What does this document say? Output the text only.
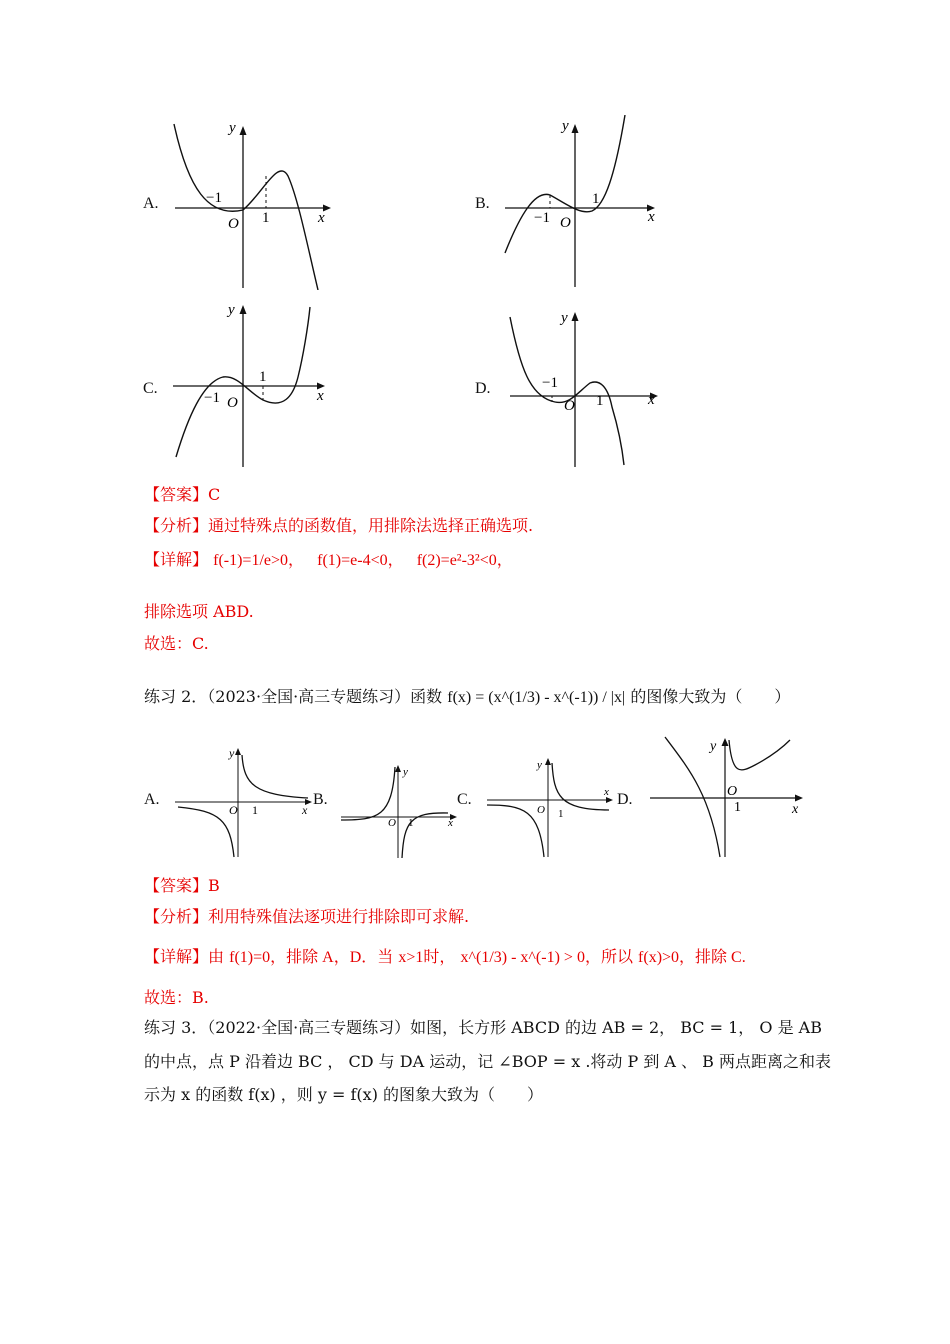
A.
y
x
O
−1
1
B.
y
x
O
−1
1
C.
y
x
O
−1
1
D.
y
x
O
−1
1
【答案】C
【分析】通过特殊点的函数值，用排除法选择正确选项.
【详解】 f(-1)=1/e>0， f(1)=e-4<0， f(2)=e²-3²<0，
排除选项 ABD.
故选：C.
练习 2．（2023·全国·高三专题练习）函数 f(x) = (x^(1/3) - x^(-1)) / |x| 的图像大致为（　　）
A.
y
x
O 1
B.
y
x
O 1
C.
y
x
O 1
D.
y
x
O
1
【答案】B
【分析】利用特殊值法逐项进行排除即可求解.
【详解】由 f(1)=0，排除 A，D．当 x>1时， x^(1/3) - x^(-1) > 0，所以 f(x)>0，排除 C.
故选：B.
练习 3．（2022·全国·高三专题练习）如图，长方形 ABCD 的边 AB = 2， BC = 1， O 是 AB
的中点，点 P 沿着边 BC ， CD 与 DA 运动，记 ∠BOP = x .将动 P 到 A 、 B 两点距离之和表
示为 x 的函数 f(x) ，则 y = f(x) 的图象大致为（　　）
